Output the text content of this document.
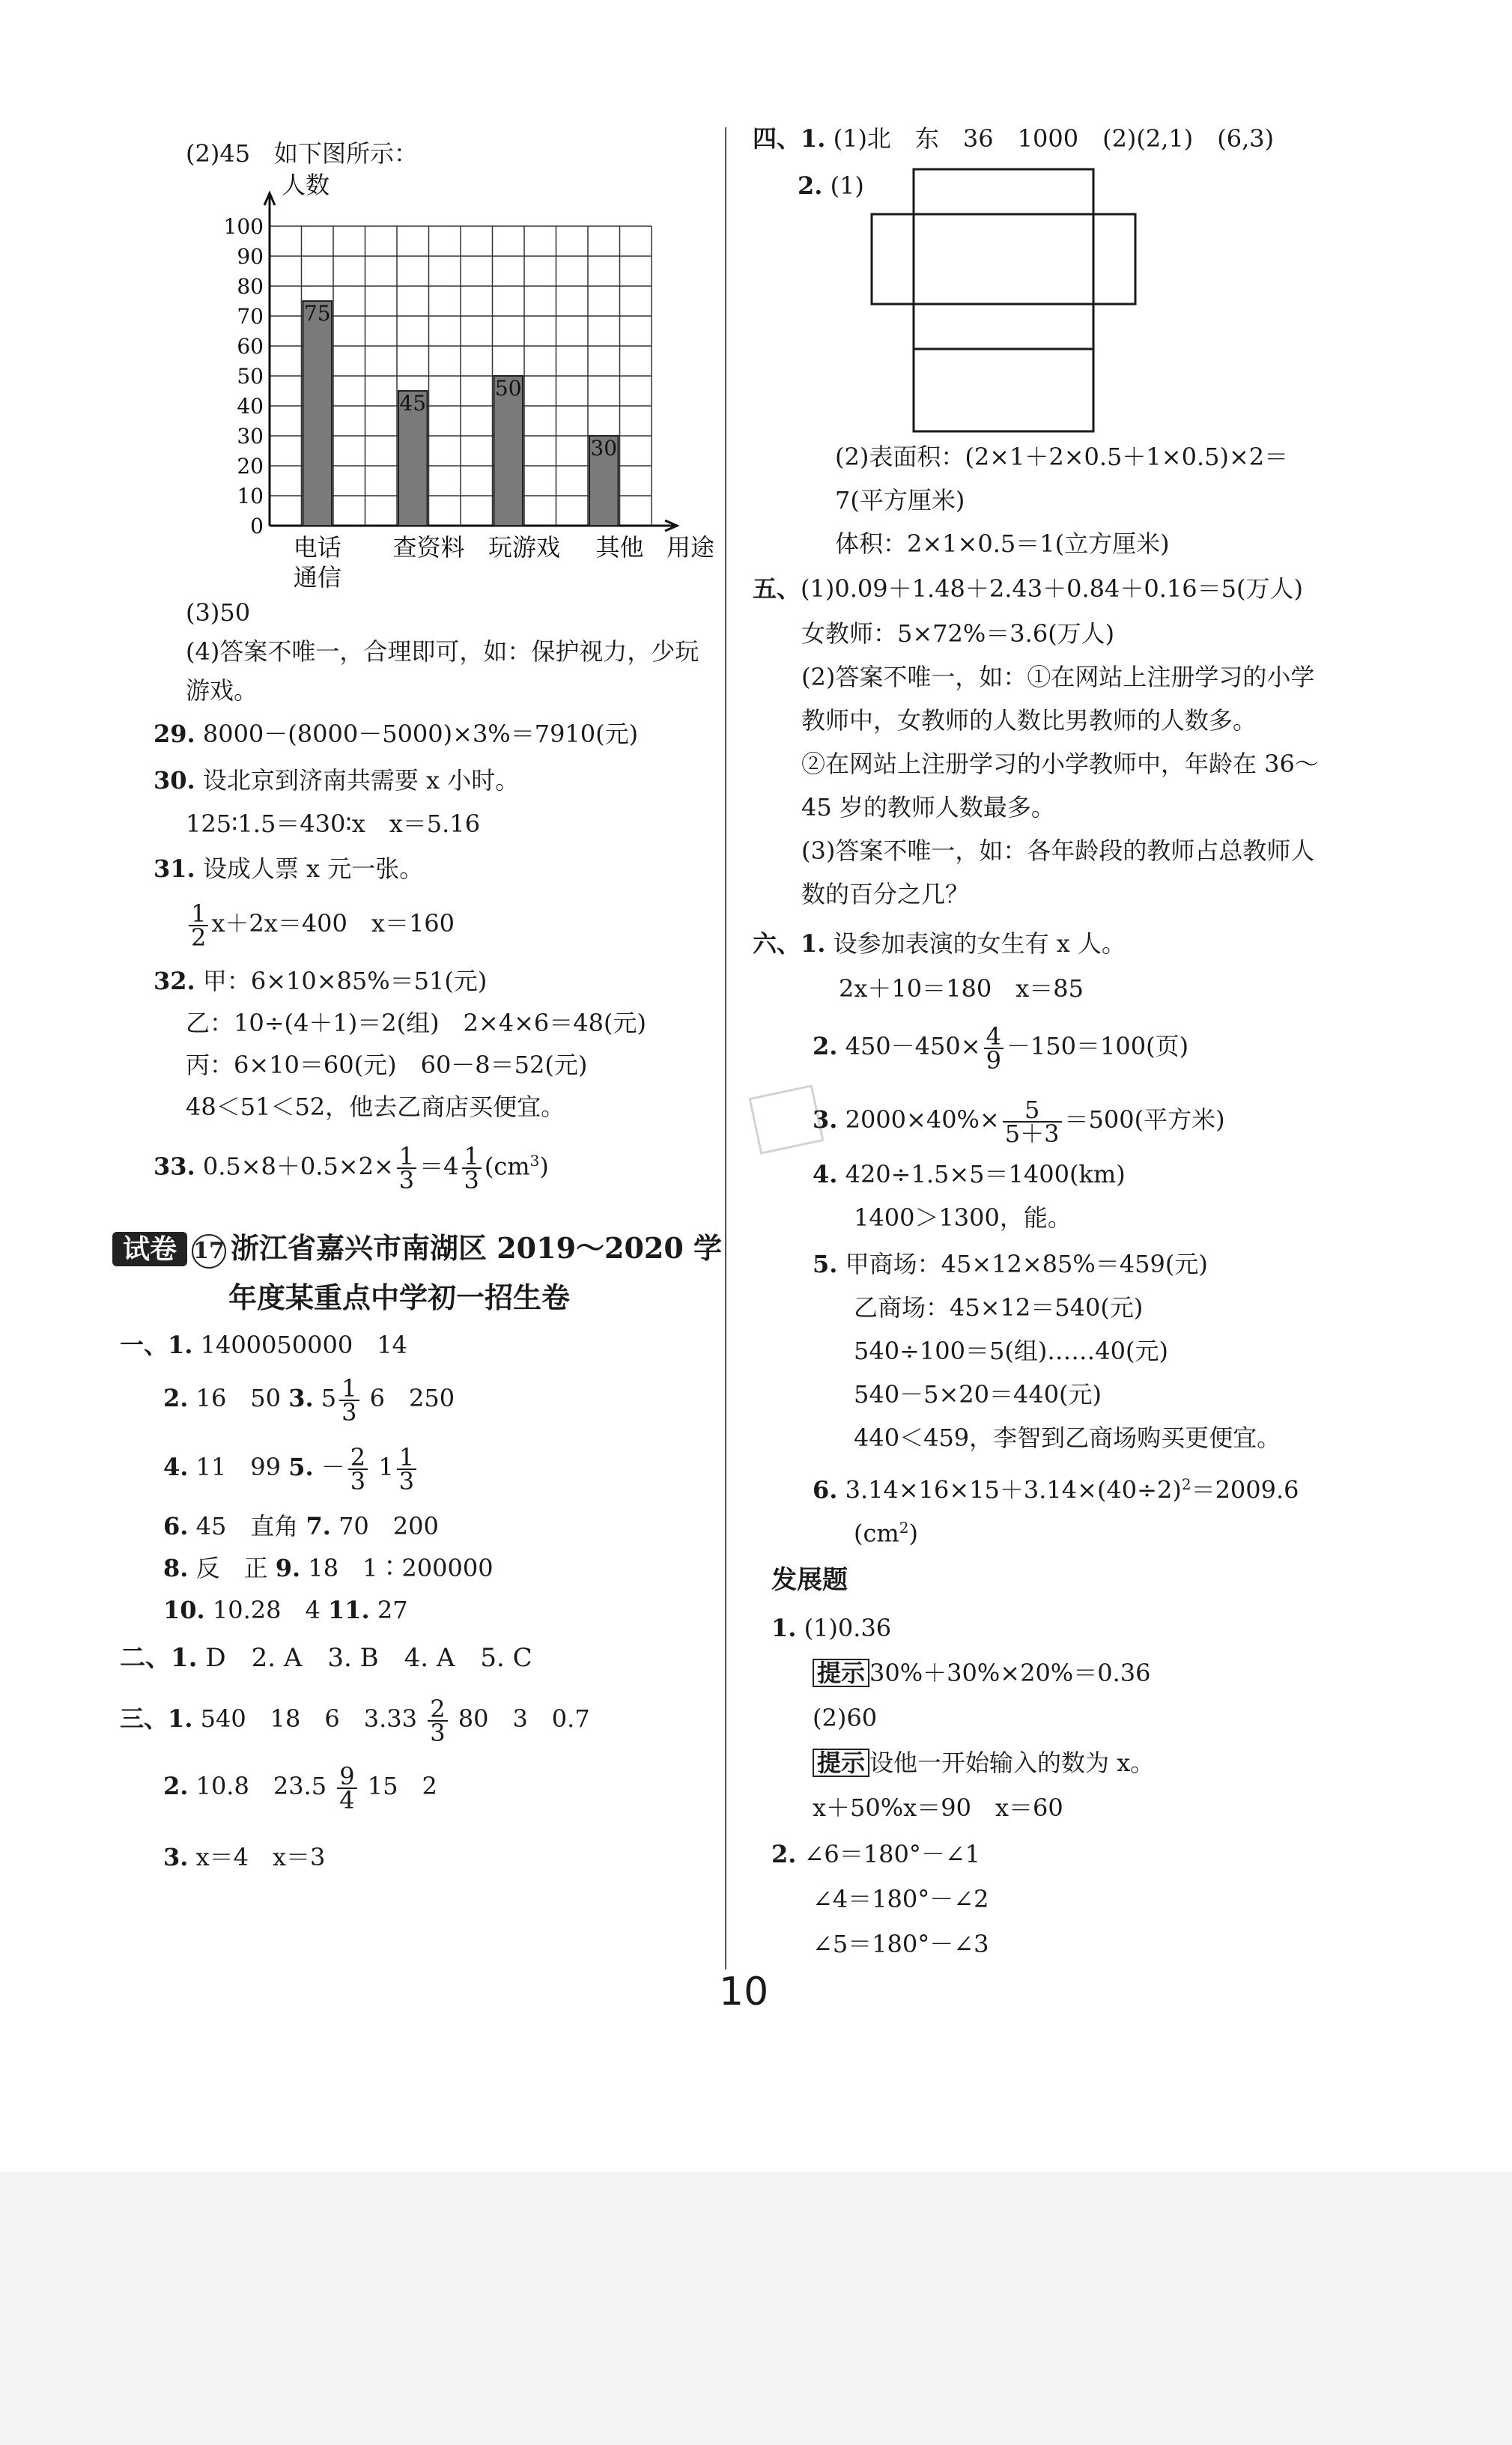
(2)45　如下图所示：
0
10
20
30
40
50
60
70
80
90
100
人数
75
45
50
30
电话
通信
查资料 玩游戏 其他 用途
(3)50
(4)答案不唯一，合理即可，如：保护视力，少玩
游戏。
29. 8000－(8000－5000)×3%＝7910(元)
30. 设北京到济南共需要 x 小时。
125∶1.5＝430∶x　x＝5.16
31. 设成人票 x 元一张。
$\frac{1}{2} x+2x=400$　x＝160
32. 甲：6×10×85%＝51(元)
乙：10÷(4＋1)＝2(组)　2×4×6＝48(元)
丙：6×10＝60(元)　60－8＝52(元)
48＜51＜52，他去乙商店买便宜。
33. $0.5\times 8+0.5\times 2\times \frac{1}{3} =4 \frac{1}{3} (cm^3)$
试卷 17 浙江省嘉兴市南湖区 2019～2020 学
年度某重点中学初一招生卷
一、1. 1400050000　14
2. 16　50 3. $5 \frac{1}{3} 6$　250
4. 11　99 5. － $\frac{2}{3} 1 \frac{1}{3}$
6. 45　直角 7. 70　200
8. 反　正 9. 18　1∶200000
10. 10.28　4 11. 27
二、1. D　2. A　3. B　4. A　5. C
三、1. 540　18　6　$3.33 \frac{2}{3} 80$　3　0.7
2. 10.8　$23.5 \frac{9}{4} 15$　2
3. x＝4　x＝3
四、1. (1)北　东　36　1000　(2)(2,1)　(6,3)
2. (1)
(2)表面积：(2×1＋2×0.5＋1×0.5)×2＝
7(平方厘米)
体积：2×1×0.5＝1(立方厘米)
五、(1)0.09＋1.48＋2.43＋0.84＋0.16＝5(万人)
女教师：5×72%＝3.6(万人)
(2)答案不唯一，如：①在网站上注册学习的小学
教师中，女教师的人数比男教师的人数多。
②在网站上注册学习的小学教师中，年龄在 36～
45 岁的教师人数最多。
(3)答案不唯一，如：各年龄段的教师占总教师人
数的百分之几？
六、1. 设参加表演的女生有 x 人。
2x＋10＝180　x＝85
2. $450-450\times \frac{4}{9} -150=100$(页)
3. $2000\times 40\%\times \frac{5}{5+3} =500$(平方米)
4. 420÷1.5×5＝1400(km)
1400＞1300，能。
5. 甲商场：45×12×85%＝459(元)
乙商场：45×12＝540(元)
540÷100＝5(组)……40(元)
540－5×20＝440(元)
440＜459，李智到乙商场购买更便宜。
6. $3.14\times 16\times 15+3.14\times(40\div 2)^2=2009.6$
$(cm^2)$
发展题
1. (1)0.36
提示 30%＋30%×20%＝0.36
(2)60
提示 设他一开始输入的数为 x。
x＋50%x＝90　x＝60
2. ∠6＝180°－∠1
∠4＝180°－∠2
∠5＝180°－∠3
10
